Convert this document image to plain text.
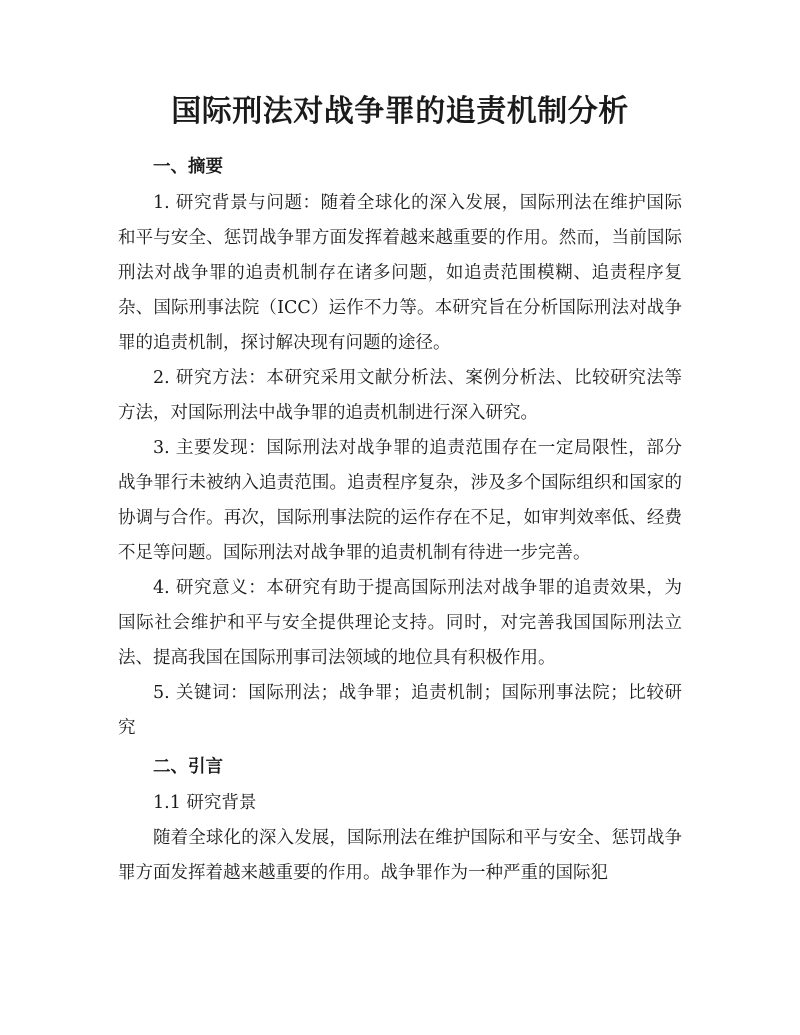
国际刑法对战争罪的追责机制分析
一、摘要

1. 研究背景与问题：随着全球化的深入发展，国际刑法在维护国际和平与安全、惩罚战争罪方面发挥着越来越重要的作用。然而，当前国际刑法对战争罪的追责机制存在诸多问题，如追责范围模糊、追责程序复杂、国际刑事法院（ICC）运作不力等。本研究旨在分析国际刑法对战争罪的追责机制，探讨解决现有问题的途径。

2. 研究方法：本研究采用文献分析法、案例分析法、比较研究法等方法，对国际刑法中战争罪的追责机制进行深入研究。

3. 主要发现：国际刑法对战争罪的追责范围存在一定局限性，部分战争罪行未被纳入追责范围。追责程序复杂，涉及多个国际组织和国家的协调与合作。再次，国际刑事法院的运作存在不足，如审判效率低、经费不足等问题。国际刑法对战争罪的追责机制有待进一步完善。

4. 研究意义：本研究有助于提高国际刑法对战争罪的追责效果，为国际社会维护和平与安全提供理论支持。同时，对完善我国国际刑法立法、提高我国在国际刑事司法领域的地位具有积极作用。

5. 关键词：国际刑法；战争罪；追责机制；国际刑事法院；比较研究

二、引言

1.1 研究背景

随着全球化的深入发展，国际刑法在维护国际和平与安全、惩罚战争罪方面发挥着越来越重要的作用。战争罪作为一种严重的国际犯
